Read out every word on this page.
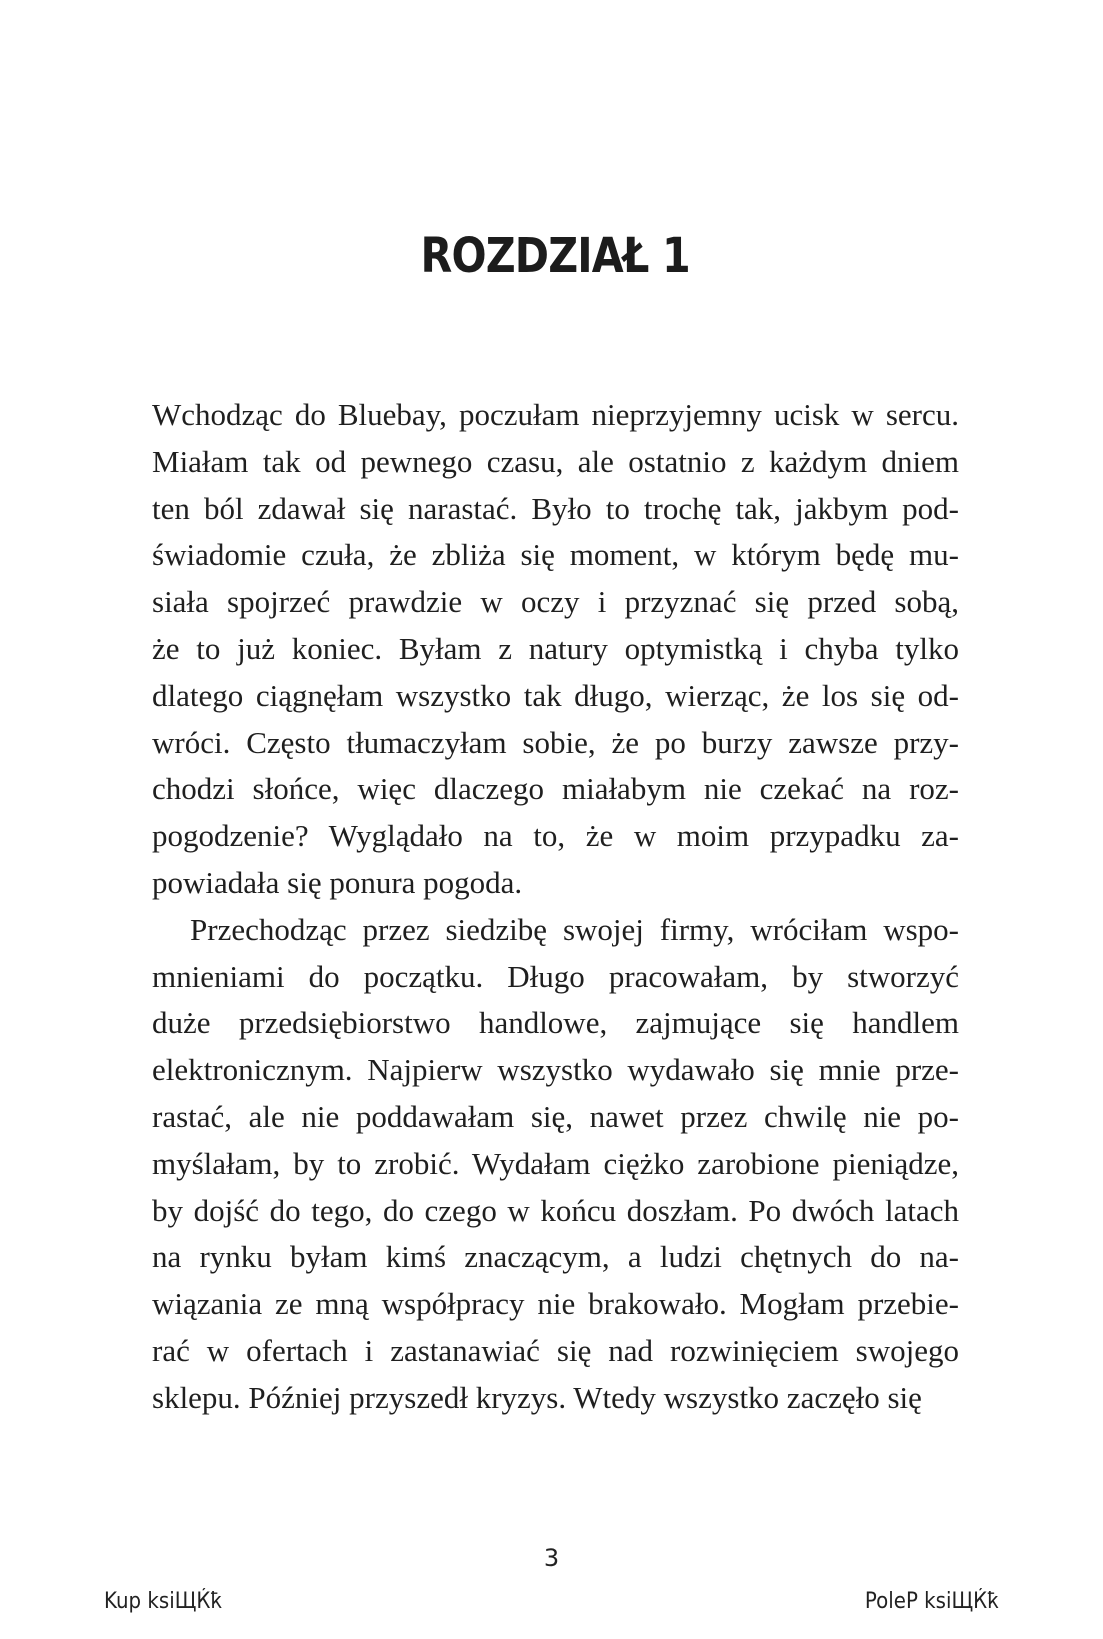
ROZDZIAŁ 1
Wchodząc do Bluebay, poczułam nieprzyjemny ucisk w sercu.
Miałam tak od pewnego czasu, ale ostatnio z każdym dniem
ten ból zdawał się narastać. Było to trochę tak, jakbym pod-
świadomie czuła, że zbliża się moment, w którym będę mu-
siała spojrzeć prawdzie w oczy i przyznać się przed sobą,
że to już koniec. Byłam z natury optymistką i chyba tylko
dlatego ciągnęłam wszystko tak długo, wierząc, że los się od-
wróci. Często tłumaczyłam sobie, że po burzy zawsze przy-
chodzi słońce, więc dlaczego miałabym nie czekać na roz-
pogodzenie? Wyglądało na to, że w moim przypadku za-
powiadała się ponura pogoda.
Przechodząc przez siedzibę swojej firmy, wróciłam wspo-
mnieniami do początku. Długo pracowałam, by stworzyć
duże przedsiębiorstwo handlowe, zajmujące się handlem
elektronicznym. Najpierw wszystko wydawało się mnie prze-
rastać, ale nie poddawałam się, nawet przez chwilę nie po-
myślałam, by to zrobić. Wydałam ciężko zarobione pieniądze,
by dojść do tego, do czego w końcu doszłam. Po dwóch latach
na rynku byłam kimś znaczącym, a ludzi chętnych do na-
wiązania ze mną współpracy nie brakowało. Mogłam przebie-
rać w ofertach i zastanawiać się nad rozwinięciem swojego
sklepu. Później przyszedł kryzys. Wtedy wszystko zaczęło się
3
Kup ksiЩЌҟ	PoleP ksiЩЌҟ
